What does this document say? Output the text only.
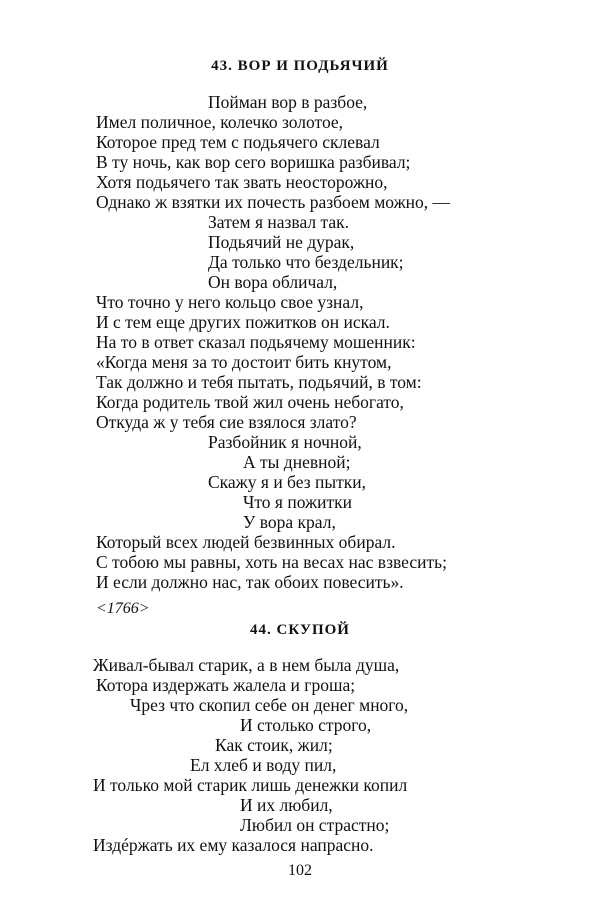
43. ВОР И ПОДЬЯЧИЙ
Пойман вор в разбое,
Имел поличное, колечко золотое,
Которое пред тем с подьячего склевал
В ту ночь, как вор сего воришка разбивал;
Хотя подьячего так звать неосторожно,
Однако ж взятки их почесть разбоем можно, —
Затем я назвал так.
Подьячий не дурак,
Да только что бездельник;
Он вора обличал,
Что точно у него кольцо свое узнал,
И с тем еще других пожитков он искал.
На то в ответ сказал подьячему мошенник:
«Когда меня за то достоит бить кнутом,
Так должно и тебя пытать, подьячий, в том:
Когда родитель твой жил очень небогато,
Откуда ж у тебя сие взялося злато?
Разбойник я ночной,
А ты дневной;
Скажу я и без пытки,
Что я пожитки
У вора крал,
Который всех людей безвинных обирал.
С тобою мы равны, хоть на весах нас взвесить;
И если должно нас, так обоих повесить».
<1766>
44. СКУПОЙ
Живал-бывал старик, а в нем была душа,
Котора издержать жалела и гроша;
Чрез что скопил себе он денег много,
И столько строго,
Как стоик, жил;
Ел хлеб и воду пил,
И только мой старик лишь денежки копил
И их любил,
Любил он страстно;
Издéржать их ему казалося напрасно.
102
